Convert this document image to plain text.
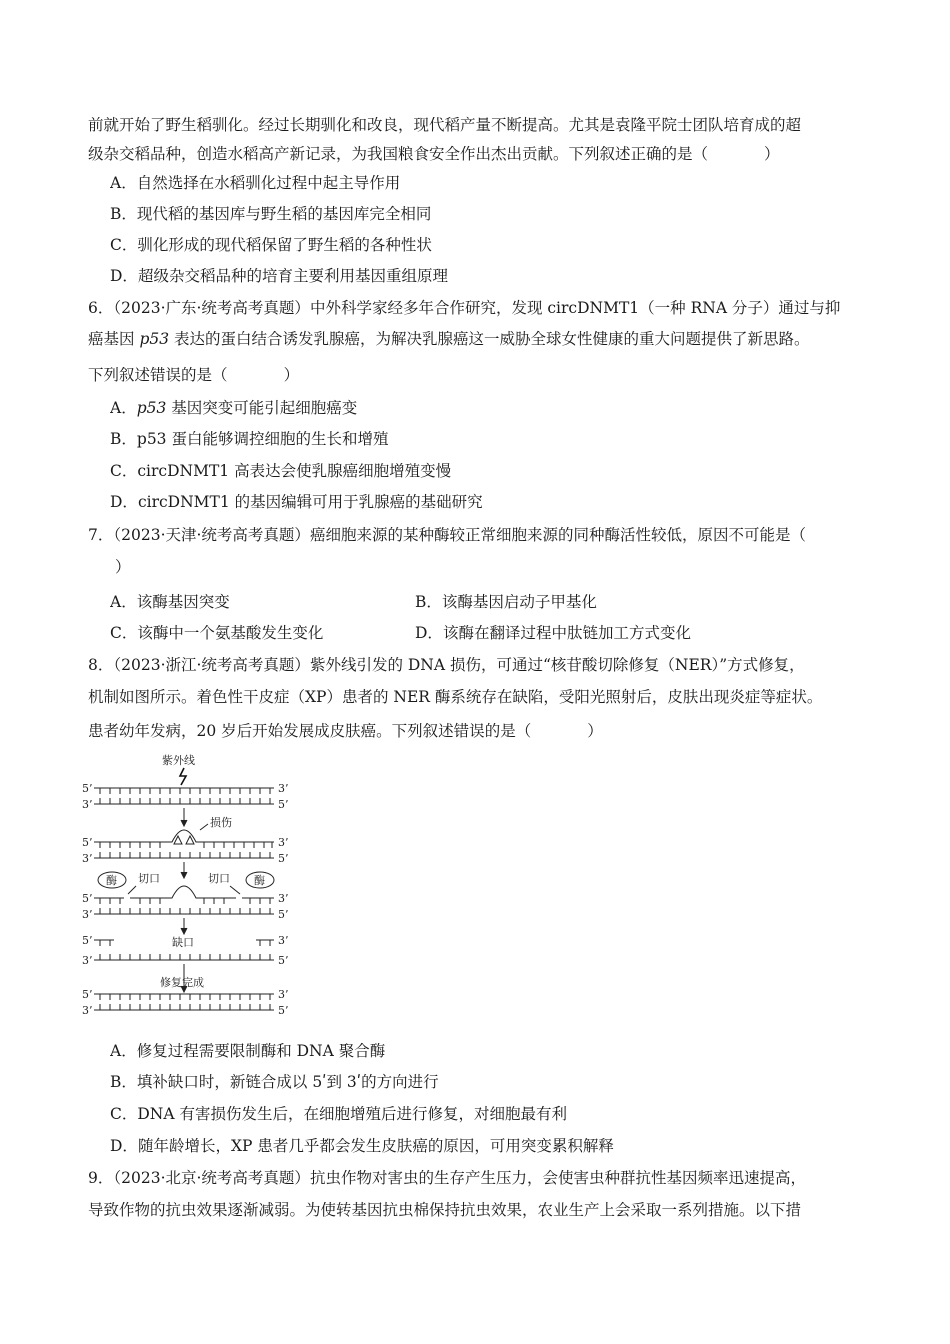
前就开始了野生稻驯化。经过长期驯化和改良，现代稻产量不断提高。尤其是袁隆平院士团队培育成的超
级杂交稻品种，创造水稻高产新记录，为我国粮食安全作出杰出贡献。下列叙述正确的是（	）
A．自然选择在水稻驯化过程中起主导作用
B．现代稻的基因库与野生稻的基因库完全相同
C．驯化形成的现代稻保留了野生稻的各种性状
D．超级杂交稻品种的培育主要利用基因重组原理
6．（2023·广东·统考高考真题）中外科学家经多年合作研究，发现 circDNMT1（一种 RNA 分子）通过与抑
癌基因 p53 表达的蛋白结合诱发乳腺癌，为解决乳腺癌这一威胁全球女性健康的重大问题提供了新思路。
下列叙述错误的是（	）
A．p53 基因突变可能引起细胞癌变
B．p53 蛋白能够调控细胞的生长和增殖
C．circDNMT1 高表达会使乳腺癌细胞增殖变慢
D．circDNMT1 的基因编辑可用于乳腺癌的基础研究
7．（2023·天津·统考高考真题）癌细胞来源的某种酶较正常细胞来源的同种酶活性较低，原因不可能是（
）
A．该酶基因突变	B．该酶基因启动子甲基化
C．该酶中一个氨基酸发生变化	D．该酶在翻译过程中肽链加工方式变化
8．（2023·浙江·统考高考真题）紫外线引发的 DNA 损伤，可通过“核苷酸切除修复（NER）”方式修复，
机制如图所示。着色性干皮症（XP）患者的 NER 酶系统存在缺陷，受阳光照射后，皮肤出现炎症等症状。
患者幼年发病，20 岁后开始发展成皮肤癌。下列叙述错误的是（	）
紫外线
损伤
酶	酶
切口	切口
缺口
修复完成
5’	3’
3’	5’
5’	3’
3’	5’
5’	3’
3’	5’
5’	3’
3’	5’
5’	3’
3’	5’
A．修复过程需要限制酶和 DNA 聚合酶
B．填补缺口时，新链合成以 5ʹ到 3ʹ的方向进行
C．DNA 有害损伤发生后，在细胞增殖后进行修复，对细胞最有利
D．随年龄增长，XP 患者几乎都会发生皮肤癌的原因，可用突变累积解释
9．（2023·北京·统考高考真题）抗虫作物对害虫的生存产生压力，会使害虫种群抗性基因频率迅速提高，
导致作物的抗虫效果逐渐减弱。为使转基因抗虫棉保持抗虫效果，农业生产上会采取一系列措施。以下措
